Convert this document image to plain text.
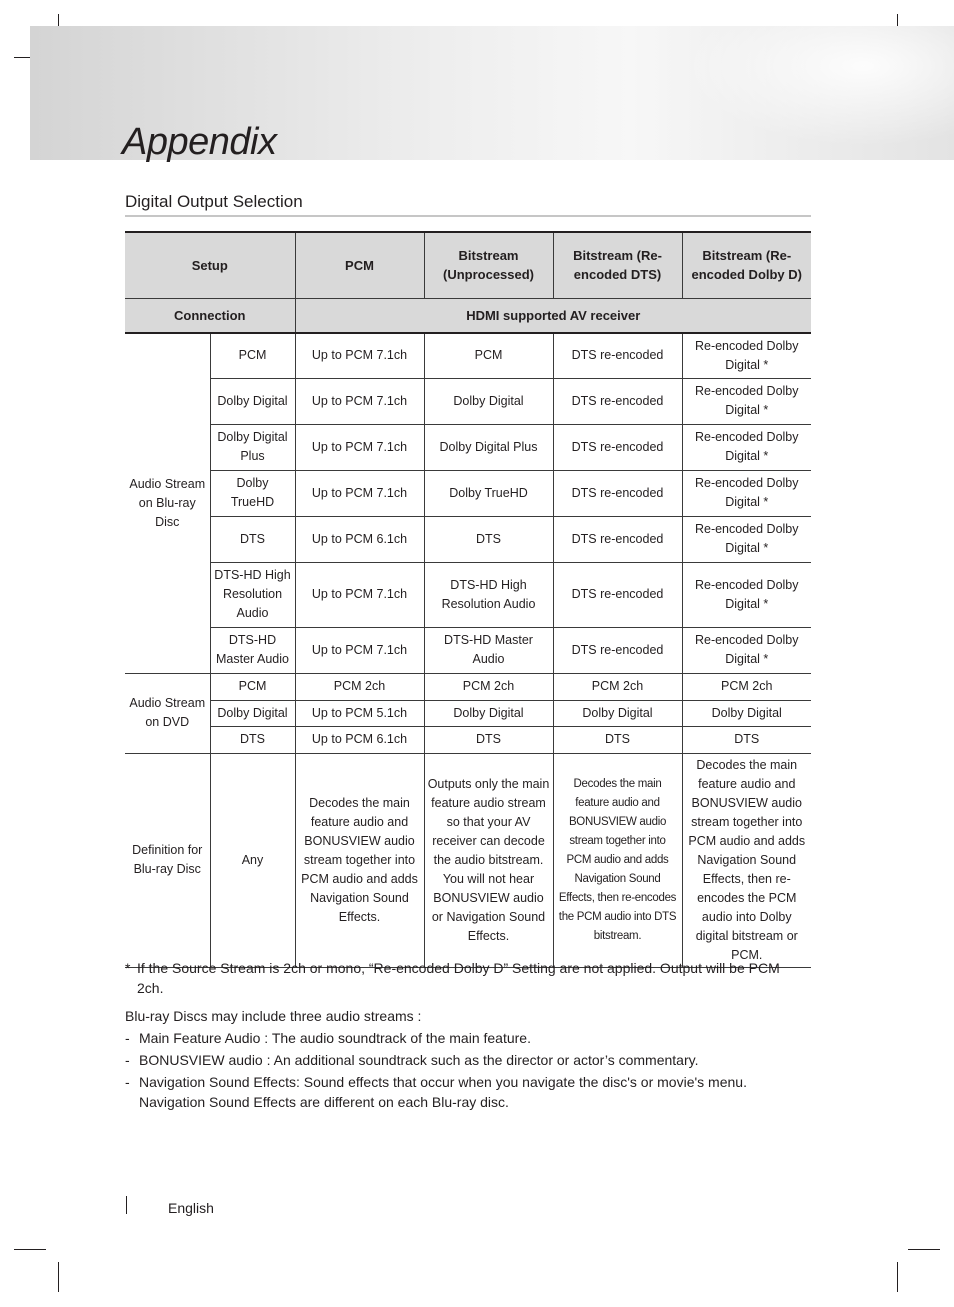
Appendix
Digital Output Selection
Setup		PCM	Bitstream (Unprocessed)	Bitstream (Re-encoded DTS)	Bitstream (Re-encoded Dolby D)
Connection		HDMI supported AV receiver			
Audio Stream on Blu-ray Disc	PCM	Up to PCM 7.1ch	PCM	DTS re-encoded	Re-encoded Dolby Digital *
	Dolby Digital	Up to PCM 7.1ch	Dolby Digital	DTS re-encoded	Re-encoded Dolby Digital *
	Dolby Digital Plus	Up to PCM 7.1ch	Dolby Digital Plus	DTS re-encoded	Re-encoded Dolby Digital *
	Dolby TrueHD	Up to PCM 7.1ch	Dolby TrueHD	DTS re-encoded	Re-encoded Dolby Digital *
	DTS	Up to PCM 6.1ch	DTS	DTS re-encoded	Re-encoded Dolby Digital *
	DTS-HD High Resolution Audio	Up to PCM 7.1ch	DTS-HD High Resolution Audio	DTS re-encoded	Re-encoded Dolby Digital *
	DTS-HD Master Audio	Up to PCM 7.1ch	DTS-HD Master Audio	DTS re-encoded	Re-encoded Dolby Digital *
Audio Stream on DVD	PCM	PCM 2ch	PCM 2ch	PCM 2ch	PCM 2ch
	Dolby Digital	Up to PCM 5.1ch	Dolby Digital	Dolby Digital	Dolby Digital
	DTS	Up to PCM 6.1ch	DTS	DTS	DTS
Definition for Blu-ray Disc	Any	Decodes the main feature audio and BONUSVIEW audio stream together into PCM audio and adds Navigation Sound Effects.	Outputs only the main feature audio stream so that your AV receiver can decode the audio bitstream. You will not hear BONUSVIEW audio or Navigation Sound Effects.	Decodes the main feature audio and BONUSVIEW audio stream together into PCM audio and adds Navigation Sound Effects, then re-encodes the PCM audio into DTS bitstream.	Decodes the main feature audio and BONUSVIEW audio stream together into PCM audio and adds Navigation Sound Effects, then re-encodes the PCM audio into Dolby digital bitstream or PCM.

* If the Source Stream is 2ch or mono, “Re-encoded Dolby D” Setting are not applied. Output will be PCM 2ch.

Blu-ray Discs may include three audio streams :

- Main Feature Audio : The audio soundtrack of the main feature.

- BONUSVIEW audio : An additional soundtrack such as the director or actor’s commentary.

- Navigation Sound Effects: Sound effects that occur when you navigate the disc's or movie's menu. Navigation Sound Effects are different on each Blu-ray disc.

English
